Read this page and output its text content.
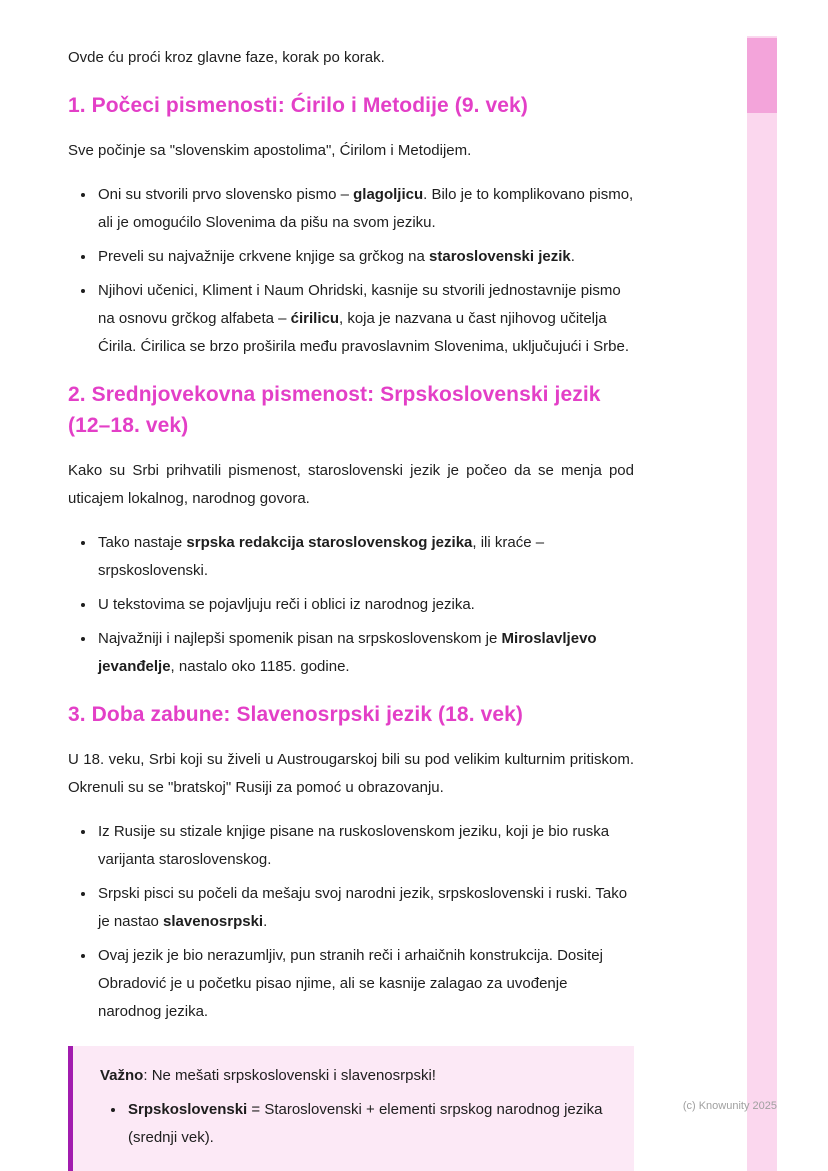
Ovde ću proći kroz glavne faze, korak po korak.

1. Počeci pismenosti: Ćirilo i Metodije (9. vek)

Sve počinje sa "slovenskim apostolima", Ćirilom i Metodijem.

• Oni su stvorili prvo slovensko pismo – glagoljicu. Bilo je to komplikovano pismo, ali je omogućilo Slovenima da pišu na svom jeziku.
• Preveli su najvažnije crkvene knjige sa grčkog na staroslovenski jezik.
• Njihovi učenici, Kliment i Naum Ohridski, kasnije su stvorili jednostavnije pismo na osnovu grčkog alfabeta – ćirilicu, koja je nazvana u čast njihovog učitelja Ćirila. Ćirilica se brzo proširila među pravoslavnim Slovenima, uključujući i Srbe.
2. Srednjovekovna pismenost: Srpskoslovenski jezik (12–18. vek)

Kako su Srbi prihvatili pismenost, staroslovenski jezik je počeo da se menja pod uticajem lokalnog, narodnog govora.

• Tako nastaje srpska redakcija staroslovenskog jezika, ili kraće – srpskoslovenski.
• U tekstovima se pojavljuju reči i oblici iz narodnog jezika.
• Najvažniji i najlepši spomenik pisan na srpskoslovenskom je Miroslavljevo jevanđelje, nastalo oko 1185. godine.
3. Doba zabune: Slavenosrpski jezik (18. vek)

U 18. veku, Srbi koji su živeli u Austrougarskoj bili su pod velikim kulturnim pritiskom. Okrenuli su se "bratskoj" Rusiji za pomoć u obrazovanju.

• Iz Rusije su stizale knjige pisane na ruskoslovenskom jeziku, koji je bio ruska varijanta staroslovenskog.
• Srpski pisci su počeli da mešaju svoj narodni jezik, srpskoslovenski i ruski. Tako je nastao slavenosrpski.
• Ovaj jezik je bio nerazumljiv, pun stranih reči i arhaičnih konstrukcija. Dositej Obradović je u početku pisao njime, ali se kasnije zalagao za uvođenje narodnog jezika.

Važno: Ne mešati srpskoslovenski i slavenosrpski!

• Srpskoslovenski = Staroslovenski + elementi srpskog narodnog jezika (srednji vek).
(c) Knowunity 2025
